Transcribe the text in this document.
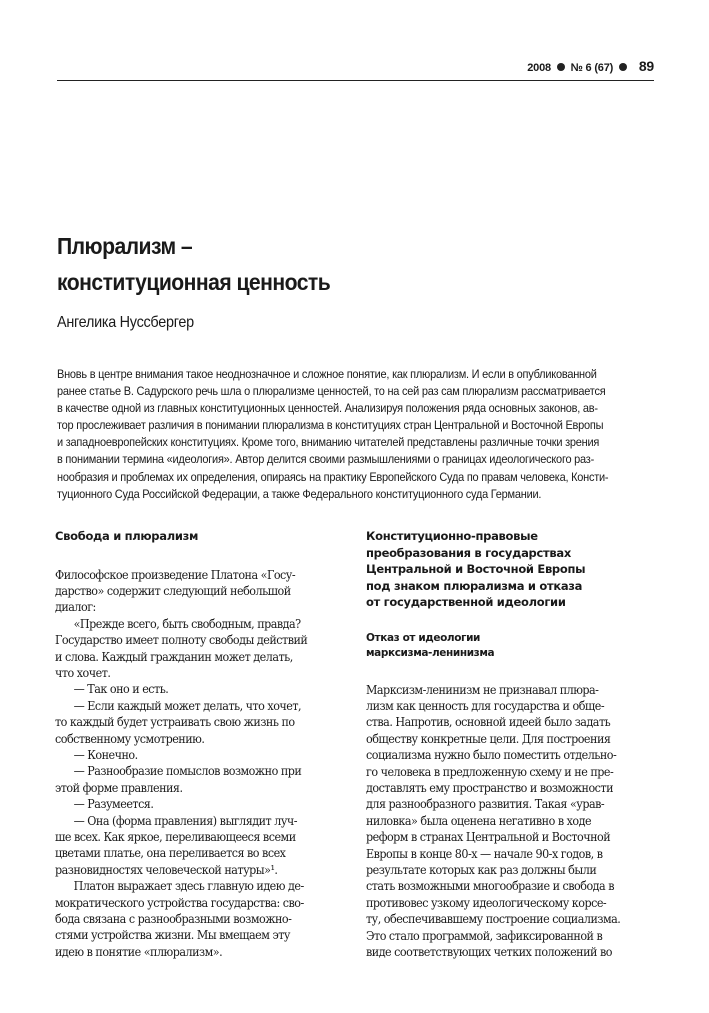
2008 № 6 (67) 89
Плюрализм –
конституционная ценность
Ангелика Нуссбергер

Вновь в центре внимания такое неоднозначное и сложное понятие, как плюрализм. И если в опубликованной
ранее статье В. Садурского речь шла о плюрализме ценностей, то на сей раз сам плюрализм рассматривается
в качестве одной из главных конституционных ценностей. Анализируя положения ряда основных законов, ав-
тор прослеживает различия в понимании плюрализма в конституциях стран Центральной и Восточной Европы
и западноевропейских конституциях. Кроме того, вниманию читателей представлены различные точки зрения
в понимании термина «идеология». Автор делится своими размышлениями о границах идеологического раз-
нообразия и проблемах их определения, опираясь на практику Европейского Суда по правам человека, Консти-
туционного Суда Российской Федерации, а также Федерального конституционного суда Германии.

Свобода и плюрализм

Философское произведение Платона «Госу-
дарство» содержит следующий небольшой
диалог:
«Прежде всего, быть свободным, правда?
Государство имеет полноту свободы действий
и слова. Каждый гражданин может делать,
что хочет.
— Так оно и есть.
— Если каждый может делать, что хочет,
то каждый будет устраивать свою жизнь по
собственному усмотрению.
— Конечно.
— Разнообразие помыслов возможно при
этой форме правления.
— Разумеется.
— Она (форма правления) выглядит луч-
ше всех. Как яркое, переливающееся всеми
цветами платье, она переливается во всех
разновидностях человеческой натуры»¹.
Платон выражает здесь главную идею де-
мократического устройства государства: сво-
бода связана с разнообразными возможно-
стями устройства жизни. Мы вмещаем эту
идею в понятие «плюрализм».

Конституционно-правовые
преобразования в государствах
Центральной и Восточной Европы
под знаком плюрализма и отказа
от государственной идеологии
Отказ от идеологии
марксизма-ленинизма

Марксизм-ленинизм не признавал плюра-
лизм как ценность для государства и обще-
ства. Напротив, основной идеей было задать
обществу конкретные цели. Для построения
социализма нужно было поместить отдельно-
го человека в предложенную схему и не пре-
доставлять ему пространство и возможности
для разнообразного развития. Такая «урав-
ниловка» была оценена негативно в ходе
реформ в странах Центральной и Восточной
Европы в конце 80-х — начале 90-х годов, в
результате которых как раз должны были
стать возможными многообразие и свобода в
противовес узкому идеологическому корсе-
ту, обеспечивавшему построение социализма.
Это стало программой, зафиксированной в
виде соответствующих четких положений во
